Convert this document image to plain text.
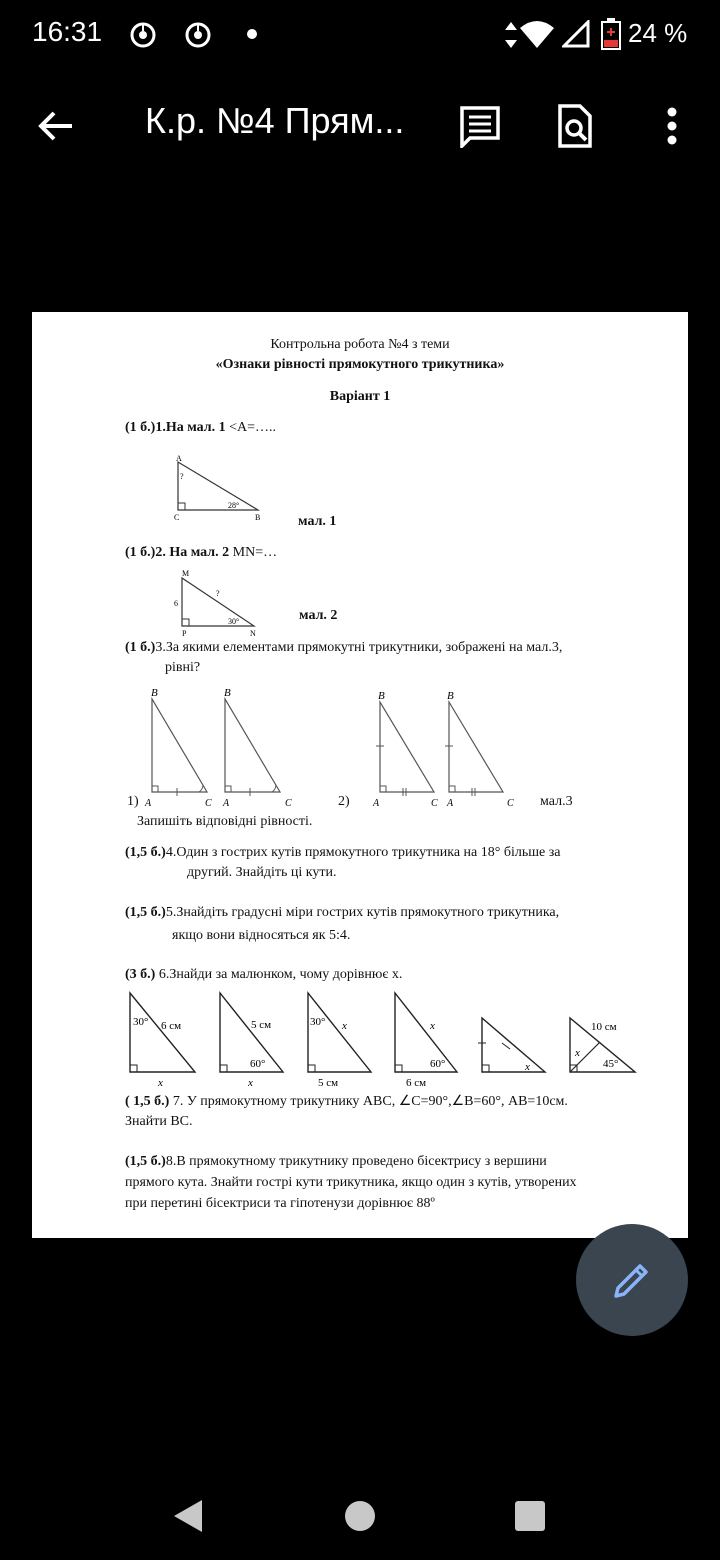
16:31	24 %
К.р. №4 Прям...
Контрольна робота №4 з теми
«Ознаки рівності прямокутного трикутника»
Варіант 1
(1 б.)1.На мал. 1 <A=…..
A
?
28°
C	B	мал. 1
(1 б.)2. На мал. 2 MN=…
M
6
?
30°
P	N
мал. 2
(1 б.)3.За якими елементами прямокутні трикутники, зображені на мал.3,
рівні?
B	B
A	C A	C
B	B
A	C A	C
1)	2)	мал.3
Запишіть відповідні рівності.
(1,5 б.)4.Один з гострих кутів прямокутного трикутника на 18° більше за
другий. Знайдіть ці кути.
(1,5 б.)5.Знайдіть градусні міри гострих кутів прямокутного трикутника,
якщо вони відносяться як 5:4.
(3 б.) 6.Знайди за малюнком, чому дорівнює х.
30° 6 см
x
5 см
60°
x
30° x
5 см
x
60°
6 см
x
10 см
x
45°
( 1,5 б.) 7. У прямокутному трикутнику АВС, ∠С=90°,∠В=60°, АВ=10см.
Знайти ВС.
(1,5 б.)8.В прямокутному трикутнику проведено бісектрису з вершини
прямого кута. Знайти гострі кути трикутника, якщо один з кутів, утворених
при перетині бісектриси та гіпотенузи дорівнює 88º
